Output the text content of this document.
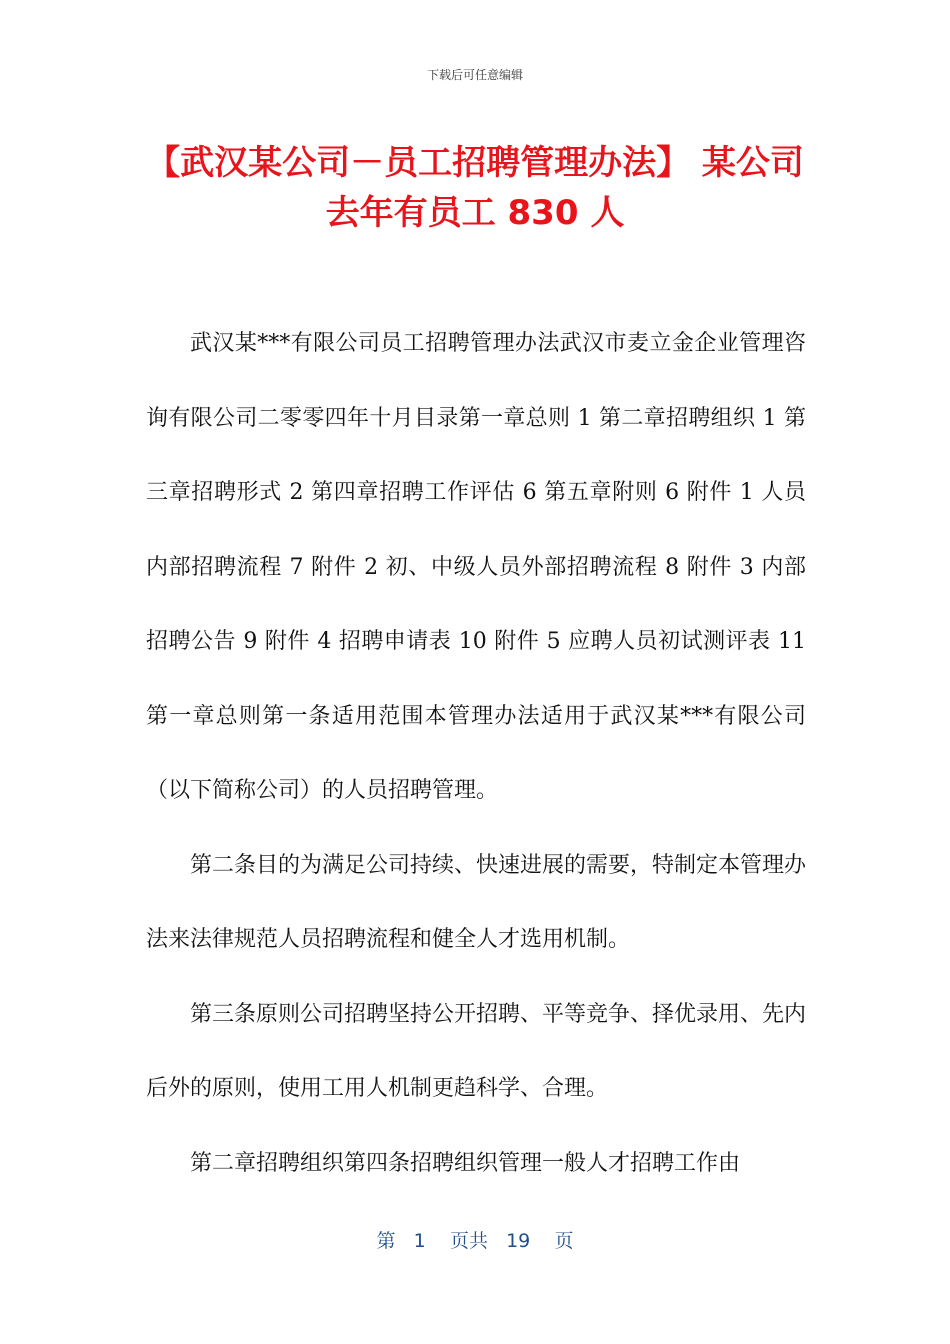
下载后可任意编辑
【武汉某公司－员工招聘管理办法】 某公司
去年有员工 830 人

武汉某***有限公司员工招聘管理办法武汉市麦立金企业管理咨询有限公司二零零四年十月目录第一章总则 1 第二章招聘组织 1 第三章招聘形式 2 第四章招聘工作评估 6 第五章附则 6 附件 1 人员内部招聘流程 7 附件 2 初、中级人员外部招聘流程 8 附件 3 内部招聘公告 9 附件 4 招聘申请表 10 附件 5 应聘人员初试测评表 11 第一章总则第一条适用范围本管理办法适用于武汉某***有限公司（以下简称公司）的人员招聘管理。

第二条目的为满足公司持续、快速进展的需要，特制定本管理办法来法律规范人员招聘流程和健全人才选用机制。

第三条原则公司招聘坚持公开招聘、平等竞争、择优录用、先内后外的原则，使用工用人机制更趋科学、合理。

第二章招聘组织第四条招聘组织管理一般人才招聘工作由

第 1 页共 19 页
